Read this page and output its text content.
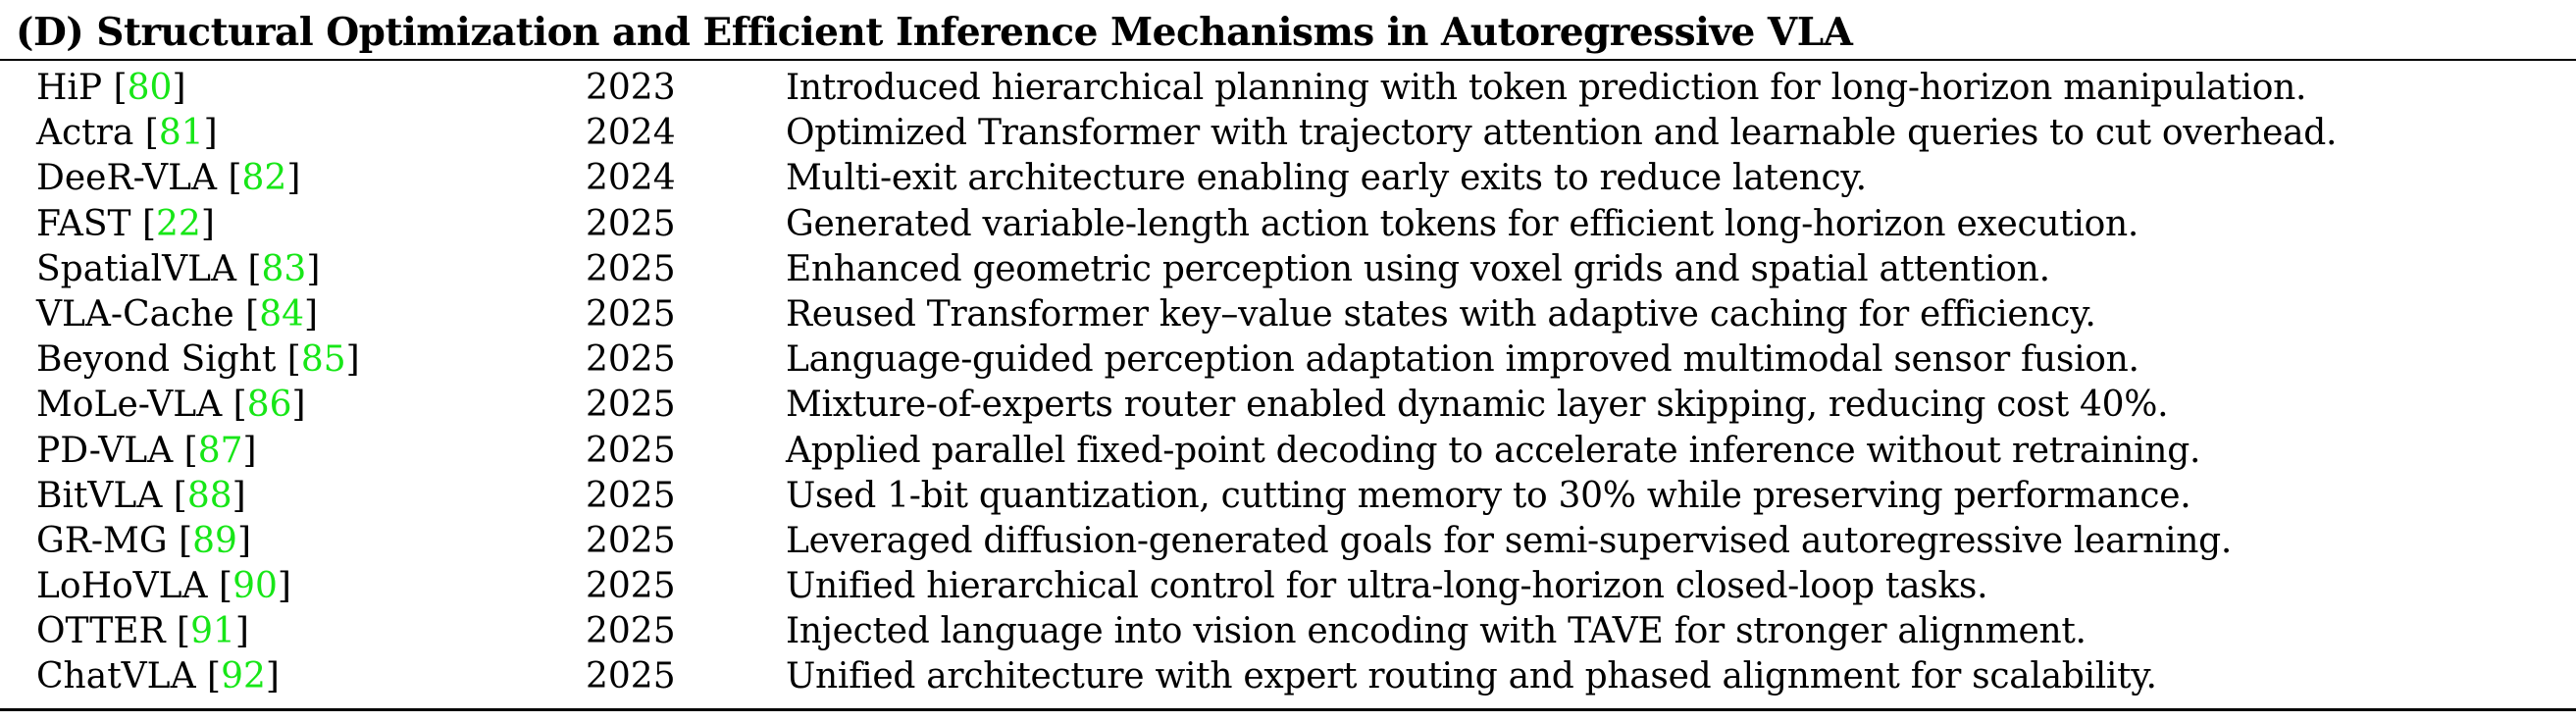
(D) Structural Optimization and Efficient Inference Mechanisms in Autoregressive VLA
HiP [80]	2023	Introduced hierarchical planning with token prediction for long-horizon manipulation.
Actra [81]	2024	Optimized Transformer with trajectory attention and learnable queries to cut overhead.
DeeR-VLA [82]	2024	Multi-exit architecture enabling early exits to reduce latency.
FAST [22]	2025	Generated variable-length action tokens for efficient long-horizon execution.
SpatialVLA [83]	2025	Enhanced geometric perception using voxel grids and spatial attention.
VLA-Cache [84]	2025	Reused Transformer key–value states with adaptive caching for efficiency.
Beyond Sight [85]	2025	Language-guided perception adaptation improved multimodal sensor fusion.
MoLe-VLA [86]	2025	Mixture-of-experts router enabled dynamic layer skipping, reducing cost 40%.
PD-VLA [87]	2025	Applied parallel fixed-point decoding to accelerate inference without retraining.
BitVLA [88]	2025	Used 1-bit quantization, cutting memory to 30% while preserving performance.
GR-MG [89]	2025	Leveraged diffusion-generated goals for semi-supervised autoregressive learning.
LoHoVLA [90]	2025	Unified hierarchical control for ultra-long-horizon closed-loop tasks.
OTTER [91]	2025	Injected language into vision encoding with TAVE for stronger alignment.
ChatVLA [92]	2025	Unified architecture with expert routing and phased alignment for scalability.
